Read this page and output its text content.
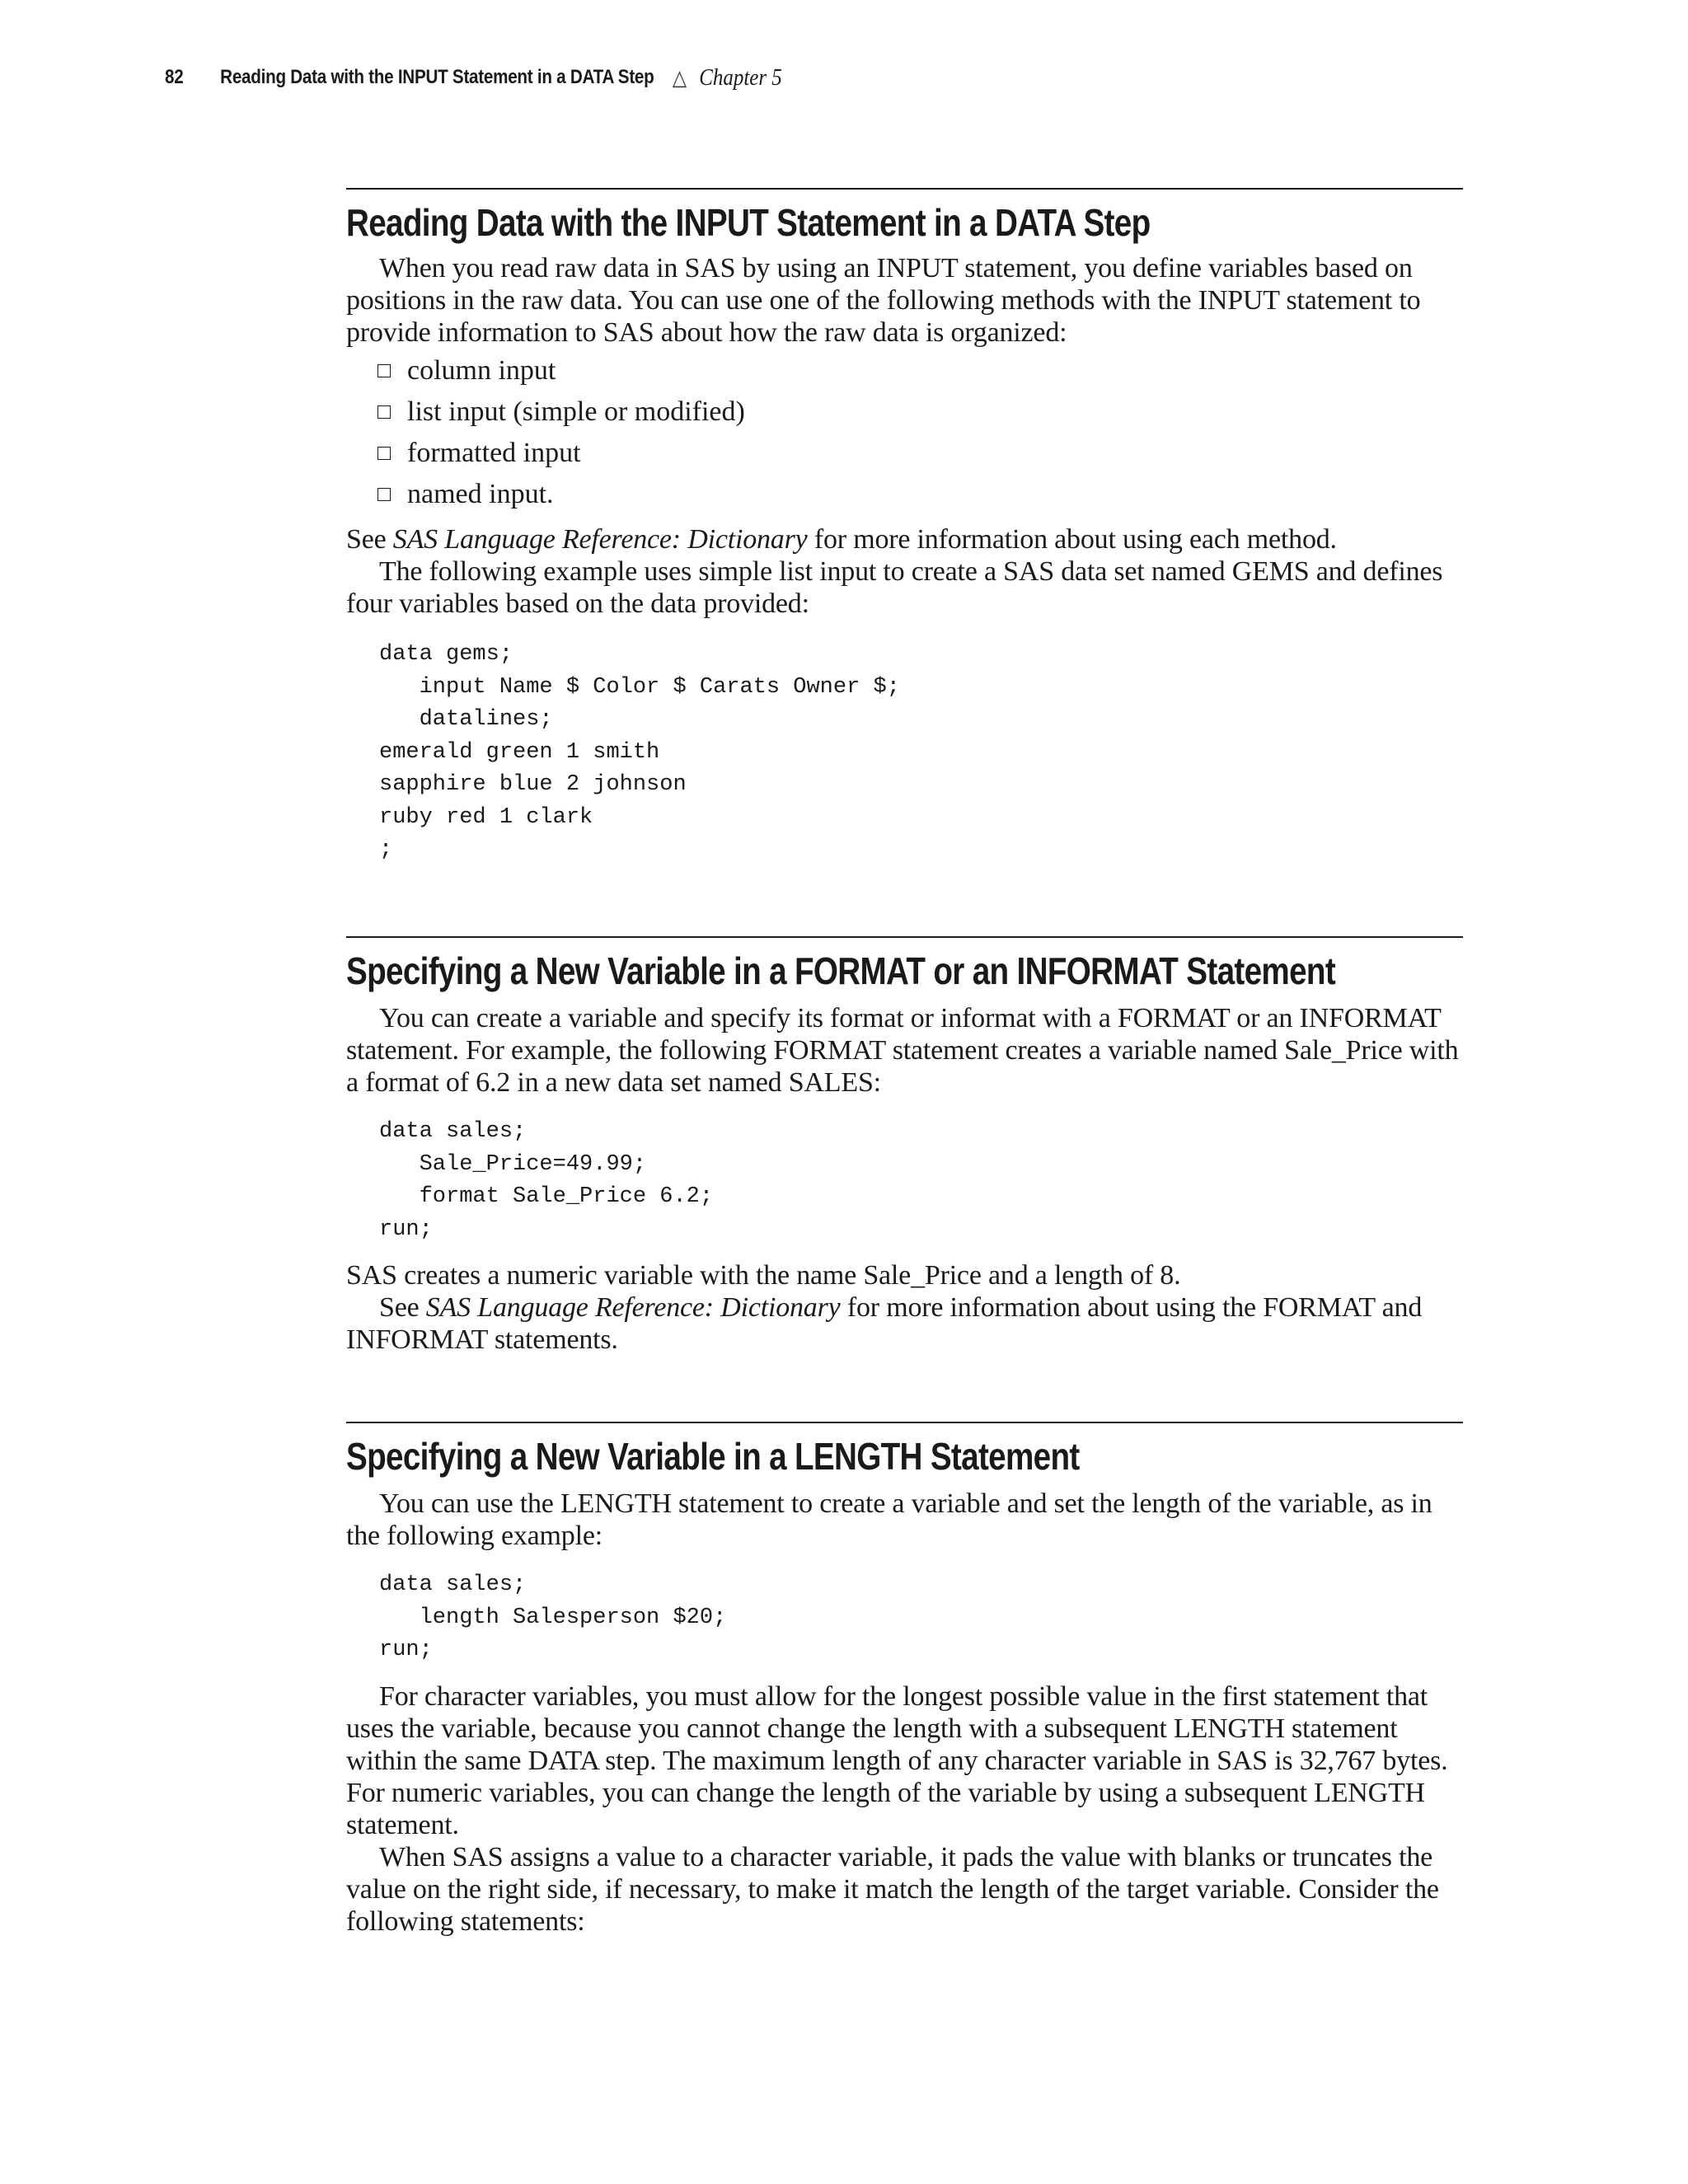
82 Reading Data with the INPUT Statement in a DATA Step △ Chapter 5
Reading Data with the INPUT Statement in a DATA Step

When you read raw data in SAS by using an INPUT statement, you define variables based on positions in the raw data. You can use one of the following methods with the INPUT statement to provide information to SAS about how the raw data is organized:

column input
list input (simple or modified)
formatted input
named input.

See SAS Language Reference: Dictionary for more information about using each method.

The following example uses simple list input to create a SAS data set named GEMS and defines four variables based on the data provided:

data gems;
input Name $ Color $ Carats Owner $;
datalines;
emerald green 1 smith
sapphire blue 2 johnson
ruby red 1 clark
;
Specifying a New Variable in a FORMAT or an INFORMAT Statement

You can create a variable and specify its format or informat with a FORMAT or an INFORMAT statement. For example, the following FORMAT statement creates a variable named Sale_Price with a format of 6.2 in a new data set named SALES:

data sales;
Sale_Price=49.99;
format Sale_Price 6.2;
run;

SAS creates a numeric variable with the name Sale_Price and a length of 8.

See SAS Language Reference: Dictionary for more information about using the FORMAT and INFORMAT statements.

Specifying a New Variable in a LENGTH Statement

You can use the LENGTH statement to create a variable and set the length of the variable, as in the following example:

data sales;
length Salesperson $20;
run;

For character variables, you must allow for the longest possible value in the first statement that uses the variable, because you cannot change the length with a subsequent LENGTH statement within the same DATA step. The maximum length of any character variable in SAS is 32,767 bytes. For numeric variables, you can change the length of the variable by using a subsequent LENGTH statement.

When SAS assigns a value to a character variable, it pads the value with blanks or truncates the value on the right side, if necessary, to make it match the length of the target variable. Consider the following statements:
